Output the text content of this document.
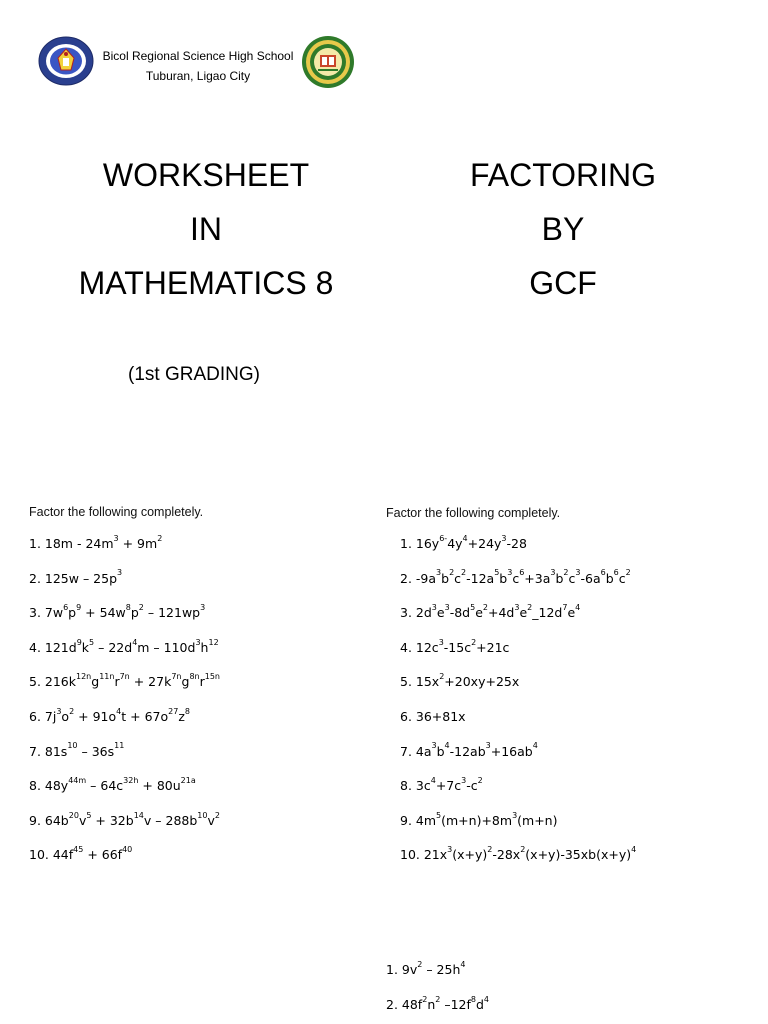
Bicol Regional Science High School
Tuburan, Ligao City
WORKSHEET
IN
MATHEMATICS 8
FACTORING
BY
GCF
(1st GRADING)
Factor the following completely.
1. $18m - 24m^3 + 9m^2$
2. $125w - 25p^3$
3. $7w^6p^9 + 54w^8p^2 - 121wp^3$
4. $121d^9k^5 - 22d^4m - 110d^3h^{12}$
5. $216k^{12n}g^{11n}r^{7n} + 27k^{7n}g^{8n}r^{15n}$
6. $7j^3o^2 + 91o^4t + 67o^{27}z^8$
7. $81s^{10} - 36s^{11}$
8. $48y^{44m} - 64c^{32h} + 80u^{21a}$
9. $64b^{20}v^5 + 32b^{14}v - 288b^{10}v^2$
10. $44f^{45} + 66f^{40}$
Factor the following completely.
1. $16y^{6-}4y^4+24y^3-28$
2. $-9a^3b^2c^2-12a^5b^3c^6+3a^3b^2c^3-6a^6b^6c^2$
3. $2d^3e^3-8d^5e^2+4d^3e^2\_12d^7e^4$
4. $12c^3-15c^2+21c$
5. $15x^2+20xy+25x$
6. 36+81x
7. $4a^3b^4-12ab^3+16ab^4$
8. $3c^4+7c^3-c^2$
9. $4m^5(m+n)+8m^3(m+n)$
10. $21x^3(x+y)^2-28x^2(x+y)-35xb(x+y)^4$
1. $9v^2 - 25h^4$
2. $48f^2n^2$ $-12f^8d^4$
